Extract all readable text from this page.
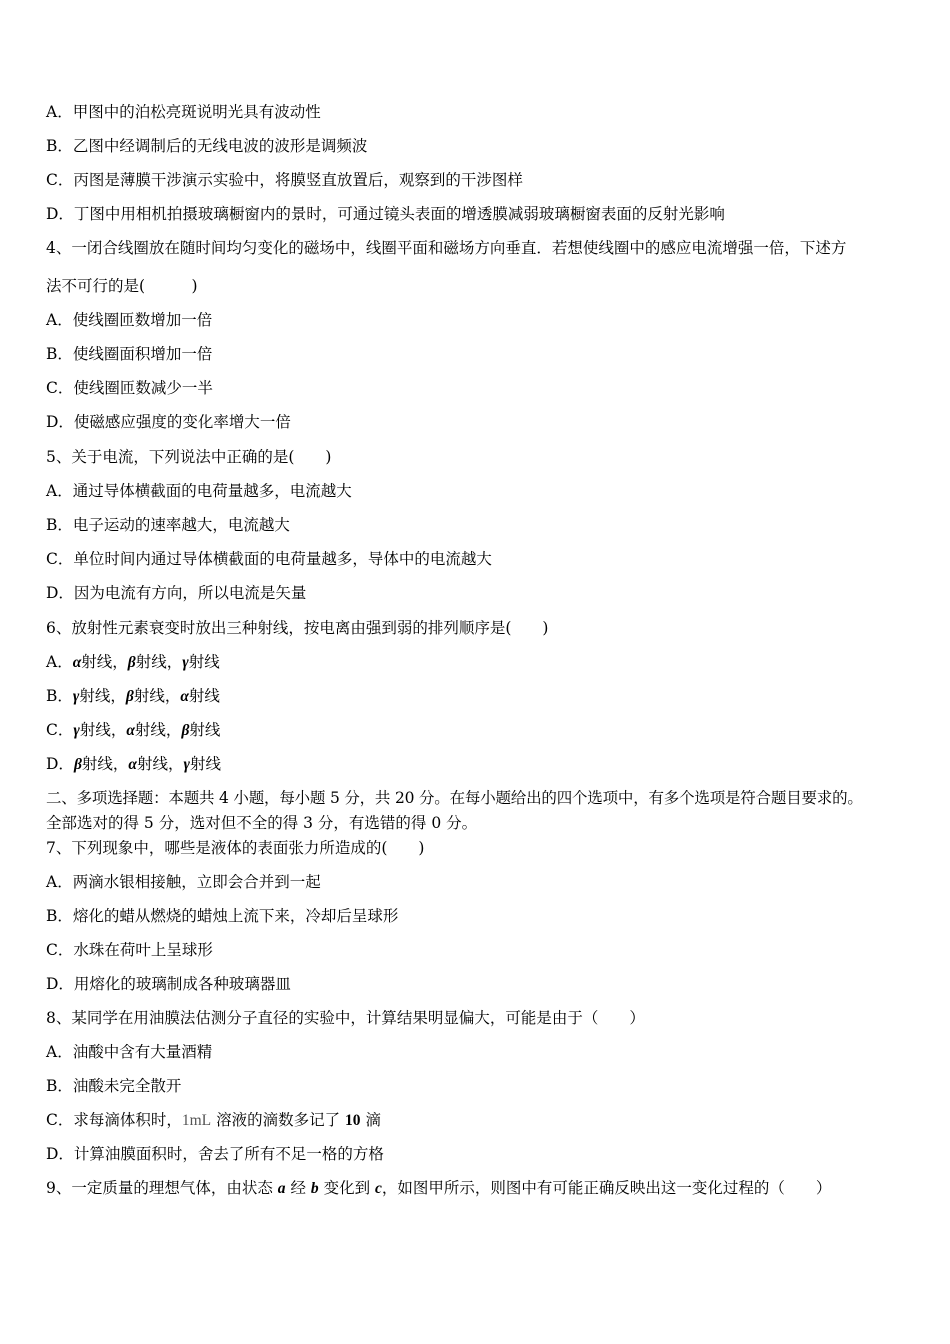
A．甲图中的泊松亮斑说明光具有波动性
B．乙图中经调制后的无线电波的波形是调频波
C．丙图是薄膜干涉演示实验中，将膜竖直放置后，观察到的干涉图样
D．丁图中用相机拍摄玻璃橱窗内的景时，可通过镜头表面的增透膜减弱玻璃橱窗表面的反射光影响
4、一闭合线圈放在随时间均匀变化的磁场中，线圈平面和磁场方向垂直．若想使线圈中的感应电流增强一倍，下述方
法不可行的是(　　　)
A．使线圈匝数增加一倍
B．使线圈面积增加一倍
C．使线圈匝数减少一半
D．使磁感应强度的变化率增大一倍
5、关于电流，下列说法中正确的是(　　)
A．通过导体横截面的电荷量越多，电流越大
B．电子运动的速率越大，电流越大
C．单位时间内通过导体横截面的电荷量越多，导体中的电流越大
D．因为电流有方向，所以电流是矢量
6、放射性元素衰变时放出三种射线，按电离由强到弱的排列顺序是(　　)
A．α射线，β射线，γ射线
B．γ射线，β射线，α射线
C．γ射线，α射线，β射线
D．β射线，α射线，γ射线
二、多项选择题：本题共 4 小题，每小题 5 分，共 20 分。在每小题给出的四个选项中，有多个选项是符合题目要求的。
全部选对的得 5 分，选对但不全的得 3 分，有选错的得 0 分。
7、下列现象中，哪些是液体的表面张力所造成的(　　)
A．两滴水银相接触，立即会合并到一起
B．熔化的蜡从燃烧的蜡烛上流下来，冷却后呈球形
C．水珠在荷叶上呈球形
D．用熔化的玻璃制成各种玻璃器皿
8、某同学在用油膜法估测分子直径的实验中，计算结果明显偏大，可能是由于（　　）
A．油酸中含有大量酒精
B．油酸未完全散开
C．求每滴体积时，1mL 溶液的滴数多记了 10 滴
D．计算油膜面积时，舍去了所有不足一格的方格
9、一定质量的理想气体，由状态 a 经 b 变化到 c，如图甲所示，则图中有可能正确反映出这一变化过程的（　　）
